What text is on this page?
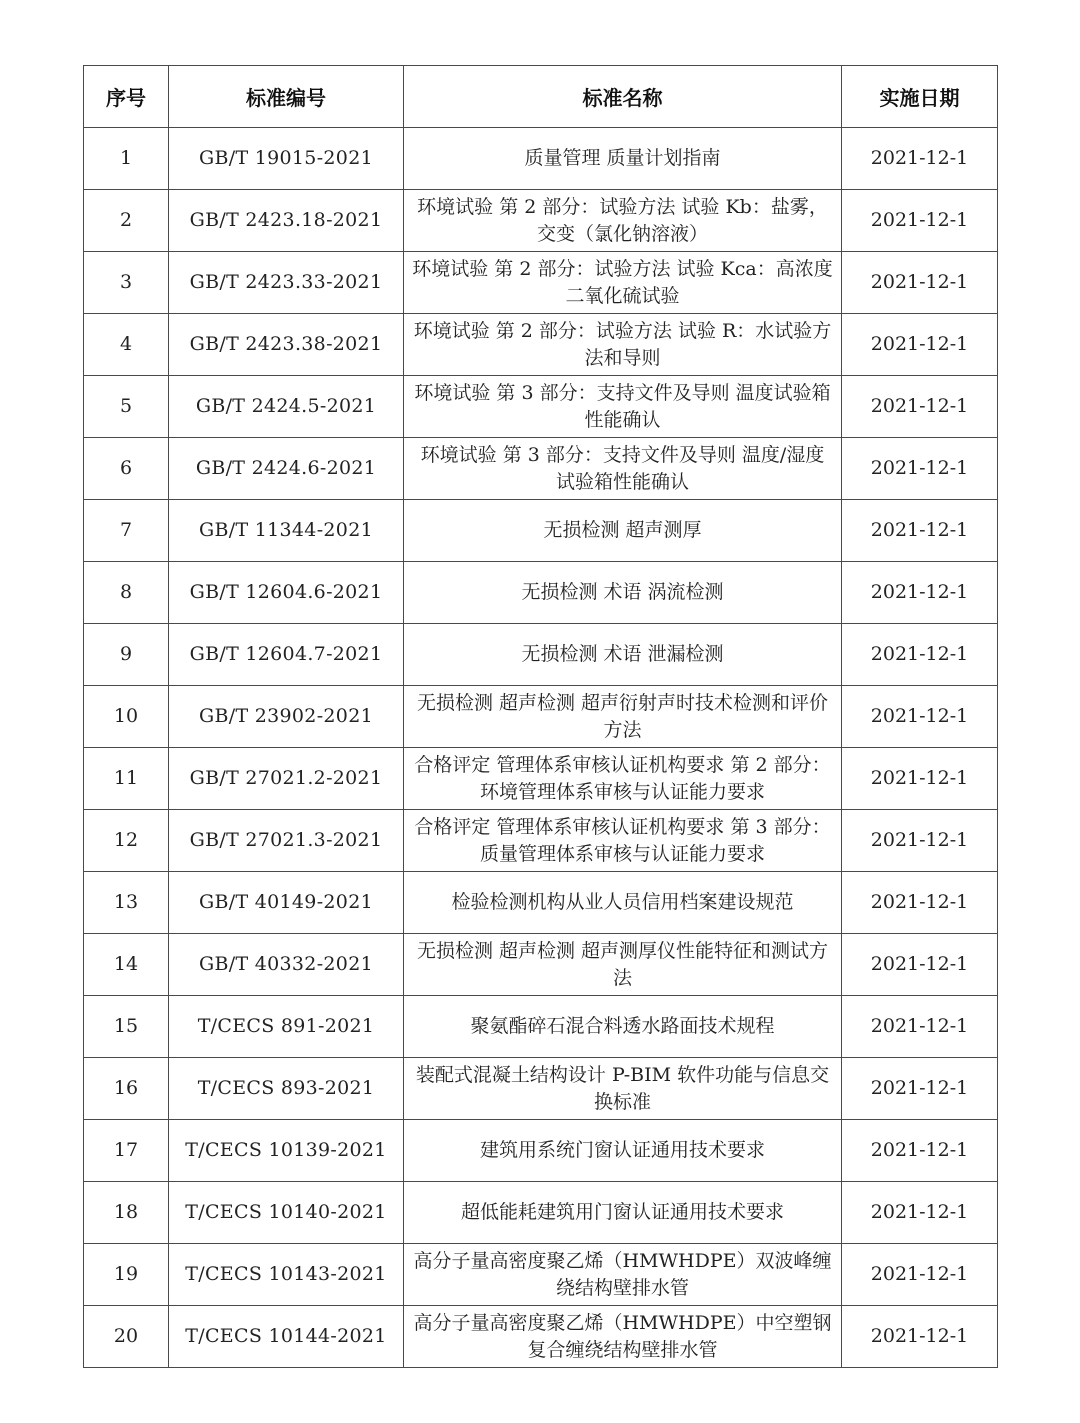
序号	标准编号	标准名称	实施日期
1	GB/T 19015-2021	质量管理 质量计划指南	2021-12-1
2	GB/T 2423.18-2021	环境试验 第 2 部分：试验方法 试验 Kb：盐雾，交变（氯化钠溶液）	2021-12-1
3	GB/T 2423.33-2021	环境试验 第 2 部分：试验方法 试验 Kca：高浓度二氧化硫试验	2021-12-1
4	GB/T 2423.38-2021	环境试验 第 2 部分：试验方法 试验 R：水试验方法和导则	2021-12-1
5	GB/T 2424.5-2021	环境试验 第 3 部分：支持文件及导则 温度试验箱性能确认	2021-12-1
6	GB/T 2424.6-2021	环境试验 第 3 部分：支持文件及导则 温度/湿度试验箱性能确认	2021-12-1
7	GB/T 11344-2021	无损检测 超声测厚	2021-12-1
8	GB/T 12604.6-2021	无损检测 术语 涡流检测	2021-12-1
9	GB/T 12604.7-2021	无损检测 术语 泄漏检测	2021-12-1
10	GB/T 23902-2021	无损检测 超声检测 超声衍射声时技术检测和评价方法	2021-12-1
11	GB/T 27021.2-2021	合格评定 管理体系审核认证机构要求 第 2 部分：环境管理体系审核与认证能力要求	2021-12-1
12	GB/T 27021.3-2021	合格评定 管理体系审核认证机构要求 第 3 部分：质量管理体系审核与认证能力要求	2021-12-1
13	GB/T 40149-2021	检验检测机构从业人员信用档案建设规范	2021-12-1
14	GB/T 40332-2021	无损检测 超声检测 超声测厚仪性能特征和测试方法	2021-12-1
15	T/CECS 891-2021	聚氨酯碎石混合料透水路面技术规程	2021-12-1
16	T/CECS 893-2021	装配式混凝土结构设计 P-BIM 软件功能与信息交换标准	2021-12-1
17	T/CECS 10139-2021	建筑用系统门窗认证通用技术要求	2021-12-1
18	T/CECS 10140-2021	超低能耗建筑用门窗认证通用技术要求	2021-12-1
19	T/CECS 10143-2021	高分子量高密度聚乙烯（HMWHDPE）双波峰缠绕结构壁排水管	2021-12-1
20	T/CECS 10144-2021	高分子量高密度聚乙烯（HMWHDPE）中空塑钢复合缠绕结构壁排水管	2021-12-1
